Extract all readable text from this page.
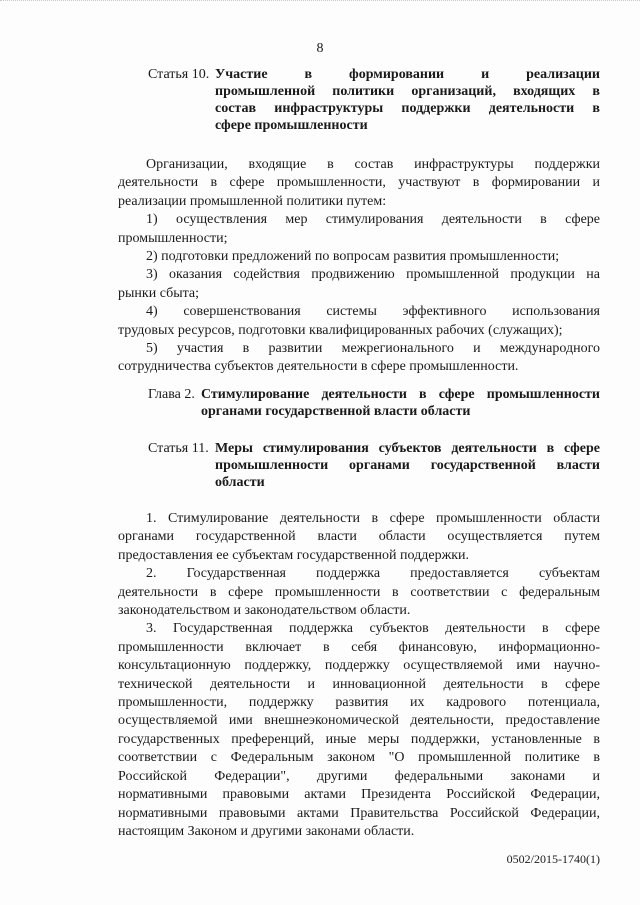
8
Статья 10. Участие в формировании и реализации
промышленной политики организаций, входящих в
состав инфраструктуры поддержки деятельности в
сфере промышленности

Организации, входящие в состав инфраструктуры поддержки
деятельности в сфере промышленности, участвуют в формировании и
реализации промышленной политики путем:

1) осуществления мер стимулирования деятельности в сфере
промышленности;

2) подготовки предложений по вопросам развития промышленности;

3) оказания содействия продвижению промышленной продукции на
рынки сбыта;

4) совершенствования системы эффективного использования
трудовых ресурсов, подготовки квалифицированных рабочих (служащих);

5) участия в развитии межрегионального и международного
сотрудничества субъектов деятельности в сфере промышленности.

Глава 2. Стимулирование деятельности в сфере промышленности
органами государственной власти области
Статья 11. Меры стимулирования субъектов деятельности в сфере
промышленности органами государственной власти
области

1. Стимулирование деятельности в сфере промышленности области
органами государственной власти области осуществляется путем
предоставления ее субъектам государственной поддержки.

2. Государственная поддержка предоставляется субъектам
деятельности в сфере промышленности в соответствии с федеральным
законодательством и законодательством области.

3. Государственная поддержка субъектов деятельности в сфере
промышленности включает в себя финансовую, информационно-
консультационную поддержку, поддержку осуществляемой ими научно-
технической деятельности и инновационной деятельности в сфере
промышленности, поддержку развития их кадрового потенциала,
осуществляемой ими внешнеэкономической деятельности, предоставление
государственных преференций, иные меры поддержки, установленные в
соответствии с Федеральным законом "О промышленной политике в
Российской Федерации", другими федеральными законами и
нормативными правовыми актами Президента Российской Федерации,
нормативными правовыми актами Правительства Российской Федерации,
настоящим Законом и другими законами области.

0502/2015-1740(1)
